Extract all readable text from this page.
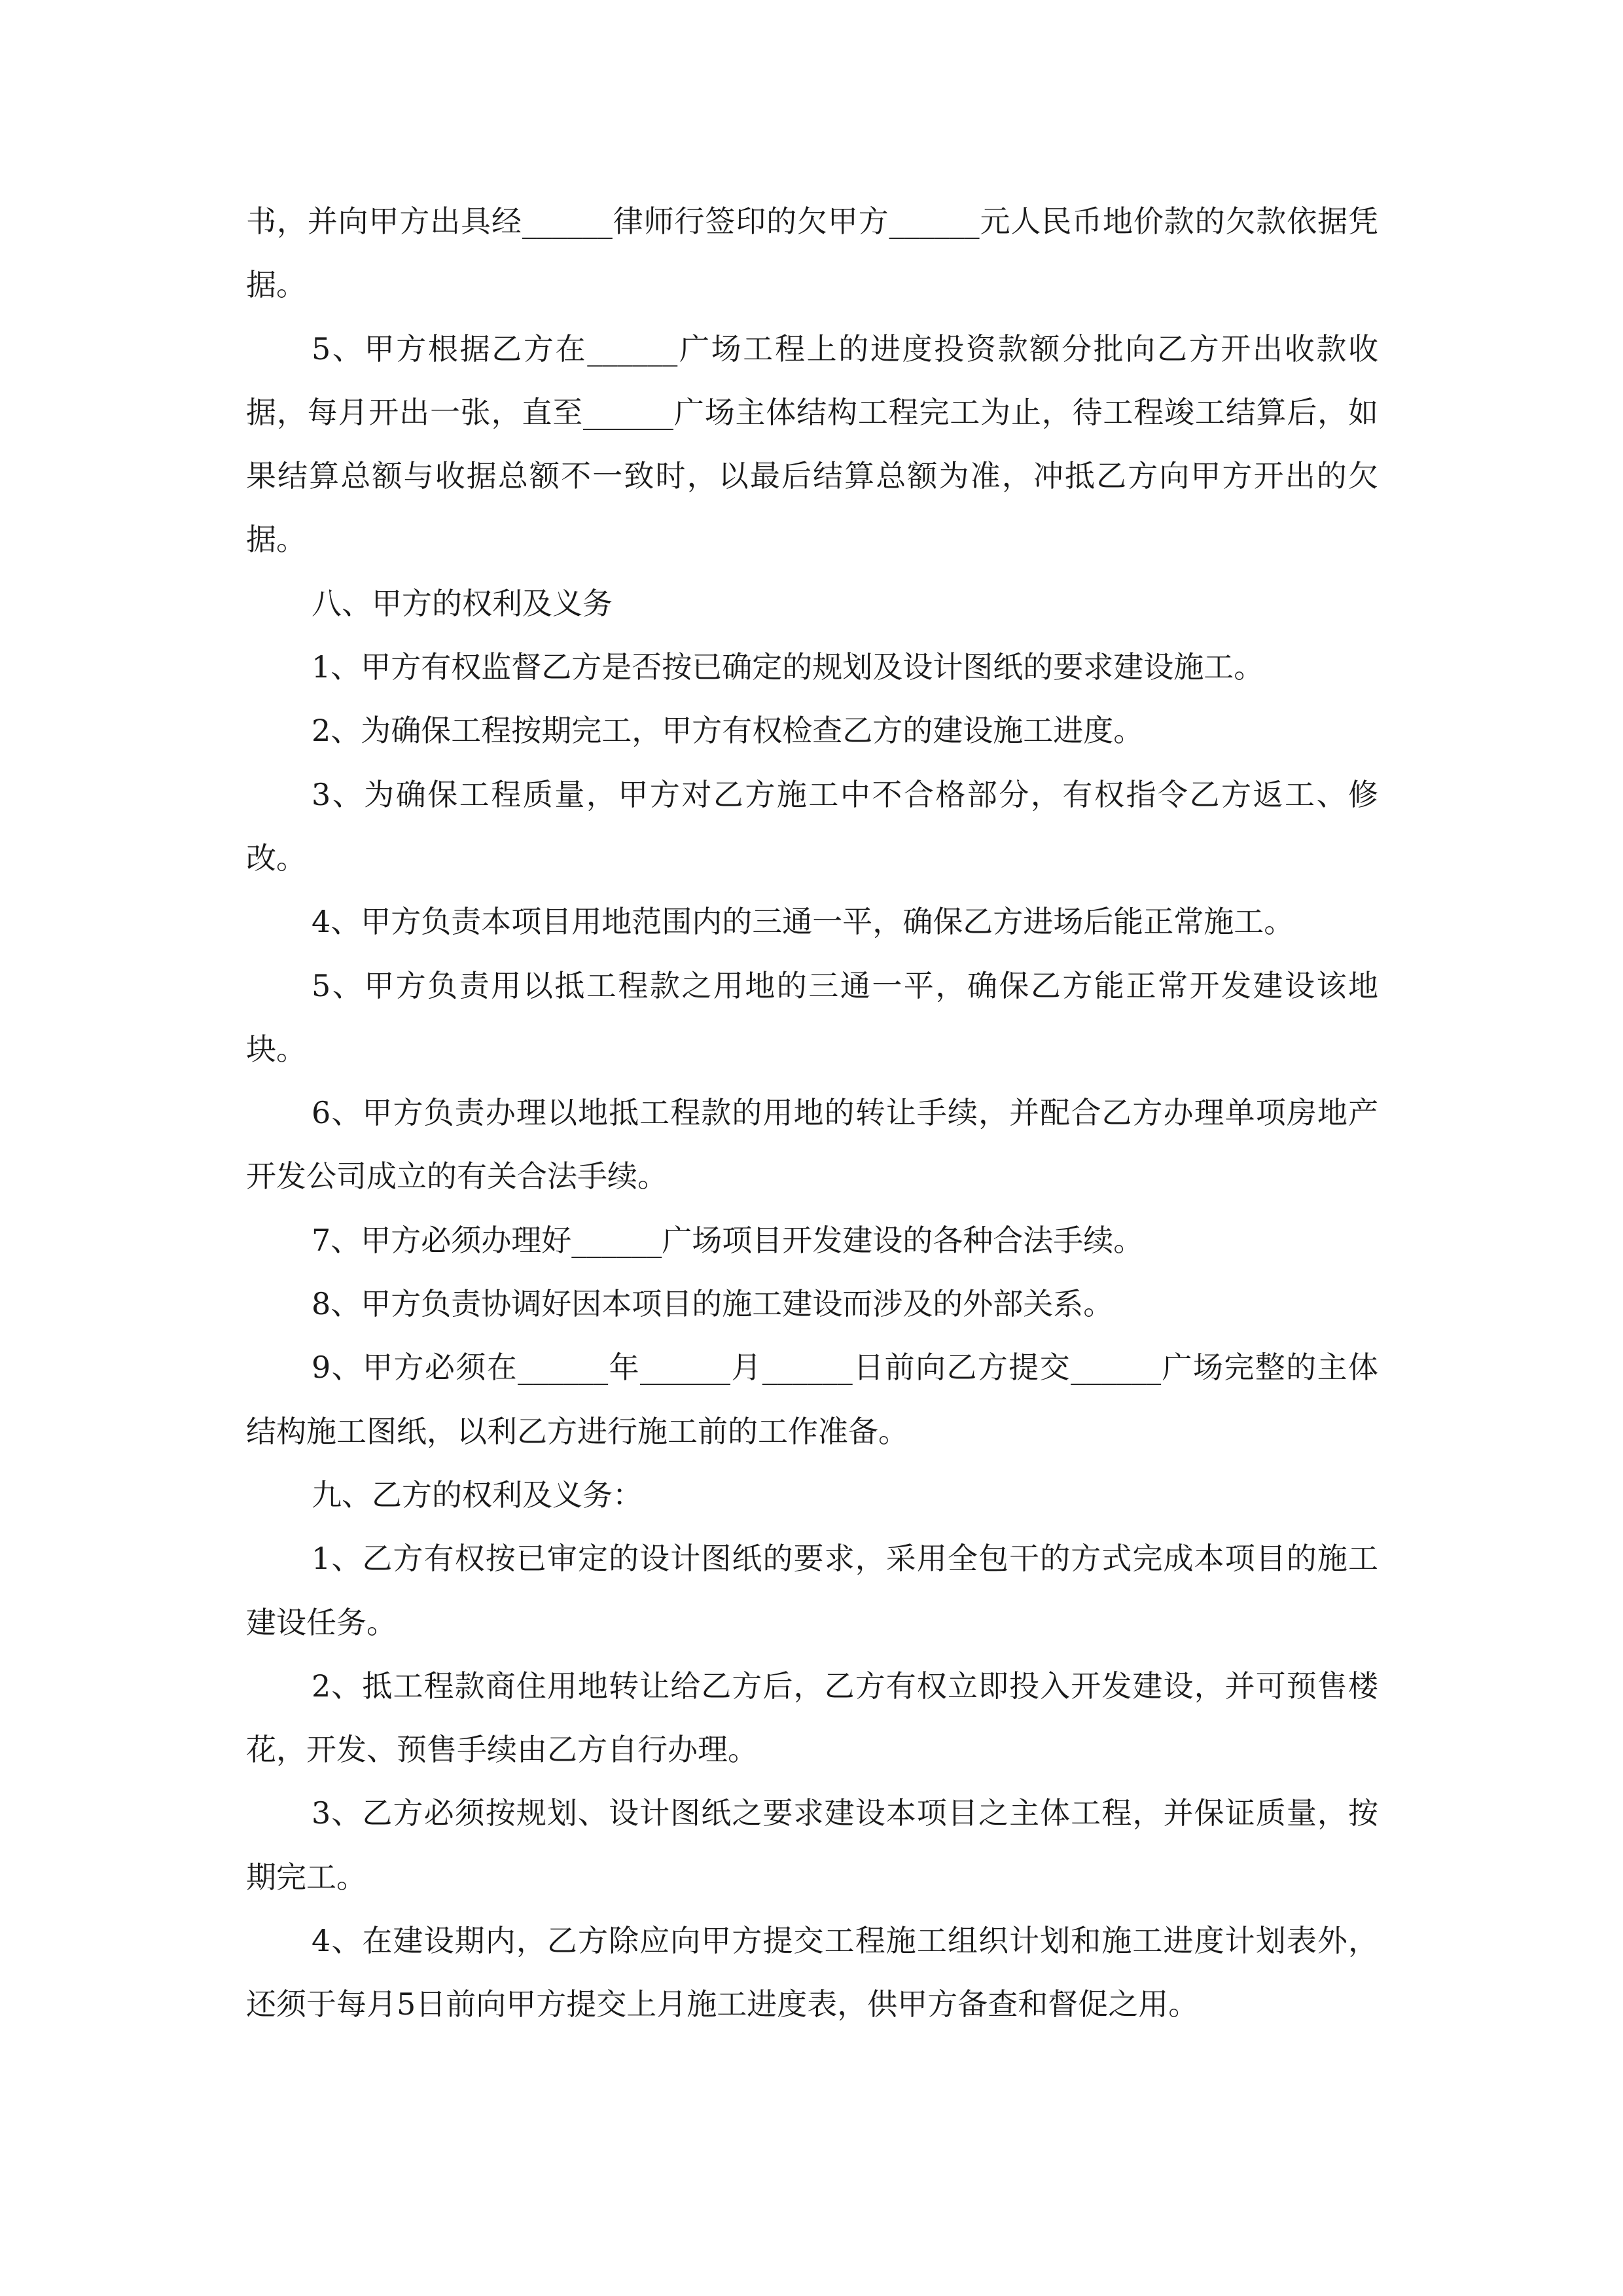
书，并向甲方出具经______律师行签印的欠甲方______元人民币地价款的欠款依据凭据。

5、甲方根据乙方在______广场工程上的进度投资款额分批向乙方开出收款收据，每月开出一张，直至______广场主体结构工程完工为止，待工程竣工结算后，如果结算总额与收据总额不一致时，以最后结算总额为准，冲抵乙方向甲方开出的欠据。

八、甲方的权利及义务

1、甲方有权监督乙方是否按已确定的规划及设计图纸的要求建设施工。

2、为确保工程按期完工，甲方有权检查乙方的建设施工进度。

3、为确保工程质量，甲方对乙方施工中不合格部分，有权指令乙方返工、修改。

4、甲方负责本项目用地范围内的三通一平，确保乙方进场后能正常施工。

5、甲方负责用以抵工程款之用地的三通一平，确保乙方能正常开发建设该地块。

6、甲方负责办理以地抵工程款的用地的转让手续，并配合乙方办理单项房地产开发公司成立的有关合法手续。

7、甲方必须办理好______广场项目开发建设的各种合法手续。

8、甲方负责协调好因本项目的施工建设而涉及的外部关系。

9、甲方必须在______年______月______日前向乙方提交______广场完整的主体结构施工图纸，以利乙方进行施工前的工作准备。

九、乙方的权利及义务：

1、乙方有权按已审定的设计图纸的要求，采用全包干的方式完成本项目的施工建设任务。

2、抵工程款商住用地转让给乙方后，乙方有权立即投入开发建设，并可预售楼花，开发、预售手续由乙方自行办理。

3、乙方必须按规划、设计图纸之要求建设本项目之主体工程，并保证质量，按期完工。

4、在建设期内，乙方除应向甲方提交工程施工组织计划和施工进度计划表外，还须于每月5日前向甲方提交上月施工进度表，供甲方备查和督促之用。
